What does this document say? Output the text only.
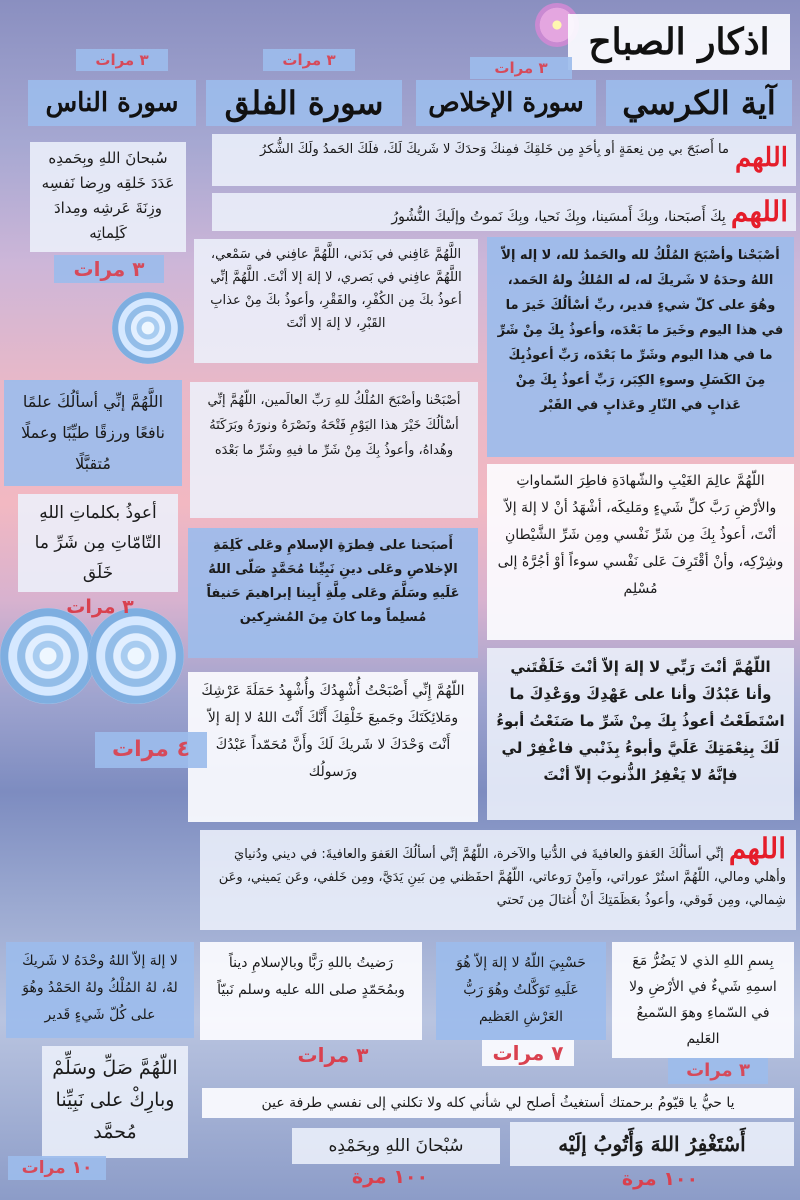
اذكار الصباح
٣ مرات
٣ مرات
٣ مرات
آية الكرسي
سورة الإخلاص
سورة الفلق
سورة الناس
اللهم
ما أَصبَحَ بي مِن نِعمَةٍ أو بِأحَدٍ مِن خَلقِكَ فمِنكَ وَحدَكَ لا شَريكَ لَكَ، فلَكَ الحَمدُ ولَكَ الشُّكرُ
اللهم بِكَ أَصبَحنا، وبِكَ أَمسَينا، وبِكَ نَحيا، وبِكَ نَموتُ وإلَيكَ النُّشُورُ
سُبحانَ اللهِ وبِحَمدِه عَدَدَ خَلقِه ورِضا نَفسِه وزِنَةَ عَرشِه ومِدادَ كَلِماتِه
٣ مرات
اللَّهُمَّ عَافِني في بَدَني، اللَّهُمَّ عافِني في سَمْعي، اللَّهُمَّ عافِني في بَصري، لا إلهَ إلا أنْتَ. اللَّهُمَّ إنِّي أعوذُ بكَ مِن الكُفْرِ، والفَقْرِ، وأعوذُ بكَ مِنْ عذابِ القَبْرِ، لا إلهَ إلا أنْتَ
أصْبَحْنا وأصْبَحَ المُلْكُ لله والحَمدُ لله، لا إله إلاّ اللهُ وحدَهُ لا شَريكَ له، له المُلكُ ولهُ الحَمد، وهُوَ على كلّ شيءٍ قدير، ربِّ أسْألُكَ خَيرَ ما في هذا اليوم وخَيرَ ما بَعْدَه، وأعوذُ بِكَ مِنْ شَرِّ ما في هذا اليوم وشَرِّ ما بَعْدَه، رَبِّ أعوذُبِكَ مِنَ الكَسَلِ وسوءِ الكِبَر، رَبِّ أعوذُ بِكَ مِنْ عَذابٍ في النّارِ وعَذابٍ في القَبْر
اللَّهُمَّ إنِّي أسألُكَ علمًا نافعًا ورزقًا طيِّبًا وعملًا مُتقبَّلًا
أصْبَحْنا وأصْبَحَ المُلْكُ للهِ رَبِّ العالَمين، اللّهُمَّ إنِّي أسْألُكَ خَيْرَ هذا اليَوْمِ فَتْحَهُ ونَصْرَهُ ونورَهُ وبَرَكَتَهُ وهُداهُ، وأعوذُ بِكَ مِنْ شَرِّ ما فيهِ وشَرِّ ما بَعْدَه
اللّهُمَّ عالِمَ الغَيْبِ والشّهادَةِ فاطِرَ السّماواتِ والأرْضِ رَبَّ كلِّ شَيءٍ ومَليكَه، أشْهَدُ أنْ لا إلهَ إلاّ أنْتَ، أعوذُ بِكَ مِن شَرِّ نَفْسي ومِن شَرِّ الشَّيْطانِ وشِرْكِه، وأنْ أقْتَرِفَ عَلى نَفْسي سوءاً أوْ أجُرَّهُ إلى مُسْلِم
أعوذُ بكلماتِ اللهِ التّامّاتِ مِن شَرِّ ما خَلَق
٣ مرات
أَصبَحنا على فِطرَةِ الإسلامِ وعَلى كَلِمَةِ الإخلاصِ وعَلى دينِ نَبِيِّنا مُحَمَّدٍ صَلّى اللهُ عَلَيهِ وسَلَّمَ وعَلى مِلَّةِ أَبِينا إبراهيمَ حَنيفاً مُسلِماً وما كانَ مِنَ المُشرِكين
اللّهُمَّ أنْتَ رَبِّي لا إلهَ إلاّ أنْتَ خَلَقْتَني وأنا عَبْدُكَ وأنا على عَهْدِكَ ووَعْدِكَ ما اسْتَطَعْتُ أعوذُ بِكَ مِنْ شَرِّ ما صَنَعْتُ أبوءُ لَكَ بِنِعْمَتِكَ عَلَيَّ وأبوءُ بِذَنْبي فاغْفِرْ لي فإنَّهُ لا يَغْفِرُ الذُّنوبَ إلاّ أنْتَ
اللّهُمَّ إِنِّي أَصْبَحْتُ أُشْهِدُكَ وأُشْهِدُ حَمَلَةَ عَرْشِكَ ومَلائِكَتَكَ وجَميعَ خَلْقِكَ أَنَّكَ أَنْتَ اللهُ لا إلهَ إلاّ أَنْتَ وَحْدَكَ لا شَريكَ لَكَ وأَنَّ مُحَمّداً عَبْدُكَ ورَسولُك
٤ مرات
اللهم إنِّي أسألُكَ العَفوَ والعافيةَ في الدُّنيا والآخرة، اللّهُمَّ إنِّي أسألُكَ العَفوَ والعافيةَ: في ديني ودُنيايَ وأهلي ومالي، اللّهُمَّ استُرْ عوراتي، وآمِنْ رَوعاتي، اللّهُمَّ احفَظني مِن بَينِ يَدَيَّ، ومِن خَلفي، وعَن يَميني، وعَن شِمالي، ومِن فَوقي، وأعوذُ بعَظَمَتِكَ أنْ أُغتالَ مِن تَحتي
لا إلهَ إلاّ اللهُ وحْدَهُ لا شَريكَ لهُ، لهُ المُلْكُ ولهُ الحَمْدُ وهُوَ على كُلّ شَيءٍ قَدير
رَضيتُ باللهِ رَبًّا وبالإسلامِ ديناً وبمُحَمّدٍ صلى الله عليه وسلم نَبيّاً
٣ مرات
حَسْبِيَ اللّهُ لا إلهَ إلاّ هُوَ عَلَيهِ تَوَكَّلتُ وهُوَ رَبُّ العَرْشِ العَظيم
٧ مرات
بِسمِ اللهِ الذي لا يَضُرُّ مَعَ اسمِهِ شَيءٌ في الأرْضِ ولا في السّماءِ وهوَ السّميعُ العَليم
٣ مرات
اللّهُمَّ صَلِّ وسَلِّمْ وبارِكْ على نَبِيِّنا مُحمَّد
١٠ مرات
يا حيُّ يا قيّومُ برحمتك أستغيثُ أصلح لي شأني كله ولا تكلني إلى نفسي طرفة عين
سُبْحانَ اللهِ وبِحَمْدِه
١٠٠ مرة
أَسْتَغْفِرُ اللهَ وَأَتُوبُ إلَيْه
١٠٠ مرة
